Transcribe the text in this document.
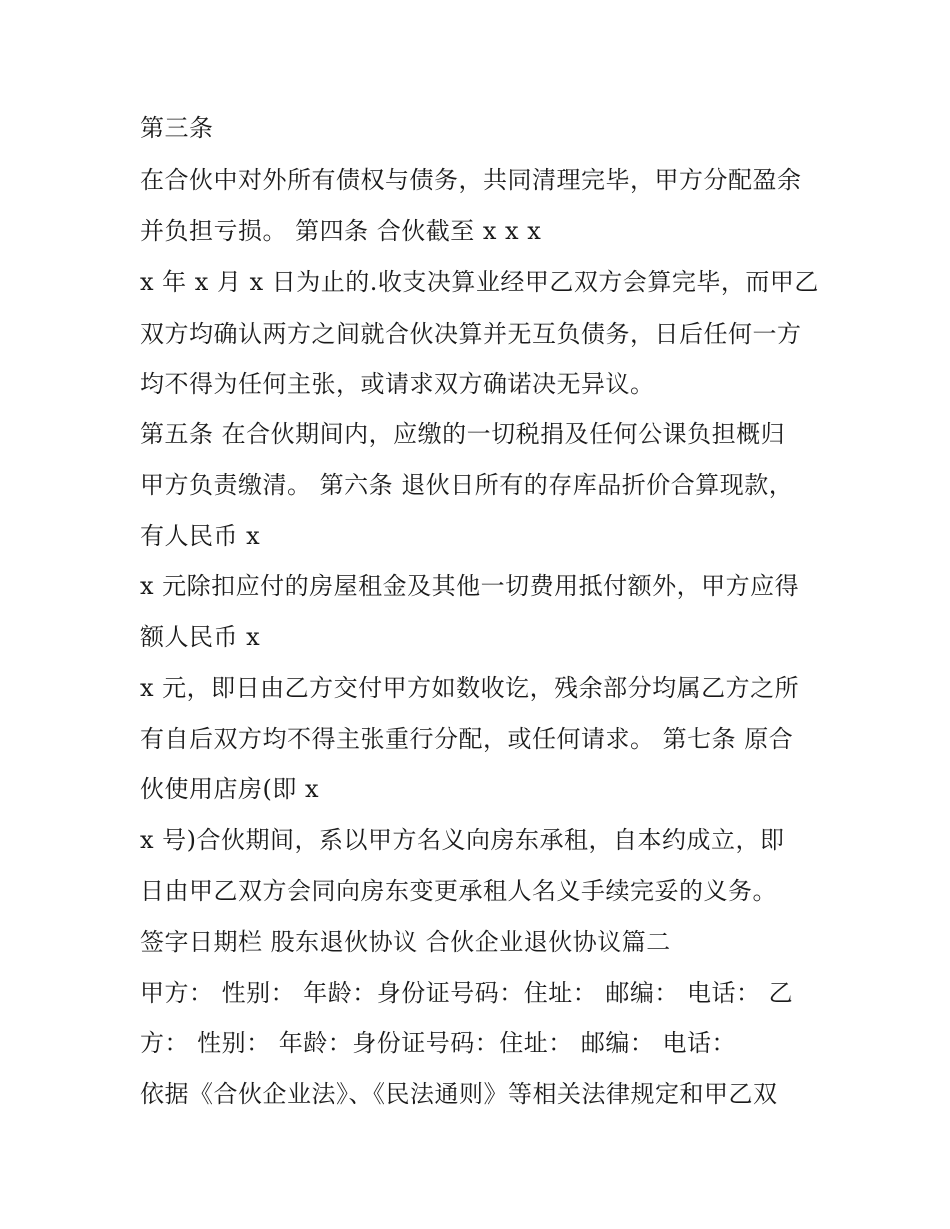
第三条
在合伙中对外所有债权与债务，共同清理完毕，甲方分配盈余
并负担亏损。 第四条 合伙截至 x x x
x 年 x 月 x 日为止的.收支决算业经甲乙双方会算完毕，而甲乙
双方均确认两方之间就合伙决算并无互负债务，日后任何一方
均不得为任何主张，或请求双方确诺决无异议。
第五条 在合伙期间内，应缴的一切税捐及任何公课负担概归
甲方负责缴清。 第六条 退伙日所有的存库品折价合算现款，
有人民币 x
x 元除扣应付的房屋租金及其他一切费用抵付额外，甲方应得
额人民币 x
x 元，即日由乙方交付甲方如数收讫，残余部分均属乙方之所
有自后双方均不得主张重行分配，或任何请求。 第七条 原合
伙使用店房(即 x
x 号)合伙期间，系以甲方名义向房东承租，自本约成立，即
日由甲乙双方会同向房东变更承租人名义手续完妥的义务。
签字日期栏 股东退伙协议 合伙企业退伙协议篇二
甲方： 性别： 年龄：身份证号码：住址： 邮编： 电话： 乙
方： 性别： 年龄：身份证号码：住址： 邮编： 电话：
依据《合伙企业法》、《民法通则》等相关法律规定和甲乙双
